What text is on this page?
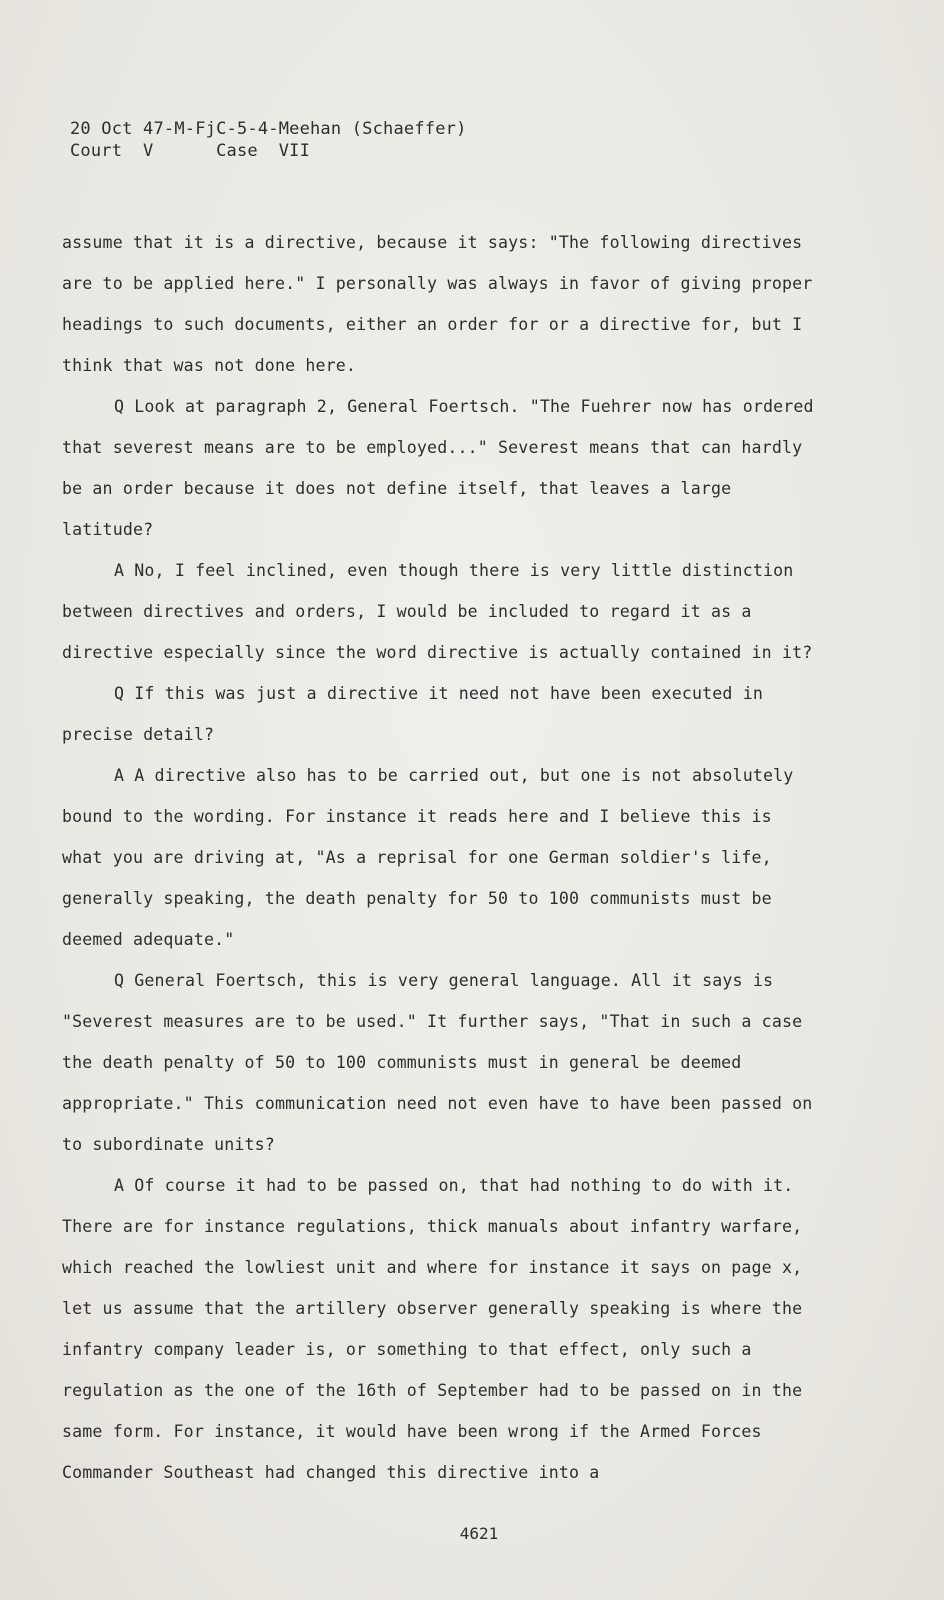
20 Oct 47-M-FjC-5-4-Meehan (Schaeffer)
Court  V      Case  VII

assume that it is a directive, because it says: "The following directives are to be applied here." I personally was always in favor of giving proper headings to such documents, either an order for or a directive for, but I think that was not done here.

Q Look at paragraph 2, General Foertsch. "The Fuehrer now has ordered that severest means are to be employed..." Severest means that can hardly be an order because it does not define itself, that leaves a large latitude?

A No, I feel inclined, even though there is very little distinction between directives and orders, I would be included to regard it as a directive especially since the word directive is actually contained in it?

Q If this was just a directive it need not have been executed in precise detail?

A A directive also has to be carried out, but one is not absolutely bound to the wording. For instance it reads here and I believe this is what you are driving at, "As a reprisal for one German soldier's life, generally speaking, the death penalty for 50 to 100 communists must be deemed adequate."

Q General Foertsch, this is very general language. All it says is "Severest measures are to be used." It further says, "That in such a case the death penalty of 50 to 100 communists must in general be deemed appropriate." This communication need not even have to have been passed on to subordinate units?

A Of course it had to be passed on, that had nothing to do with it. There are for instance regulations, thick manuals about infantry warfare, which reached the lowliest unit and where for instance it says on page x, let us assume that the artillery observer generally speaking is where the infantry company leader is, or something to that effect, only such a regulation as the one of the 16th of September had to be passed on in the same form. For instance, it would have been wrong if the Armed Forces Commander Southeast had changed this directive into a

4621
